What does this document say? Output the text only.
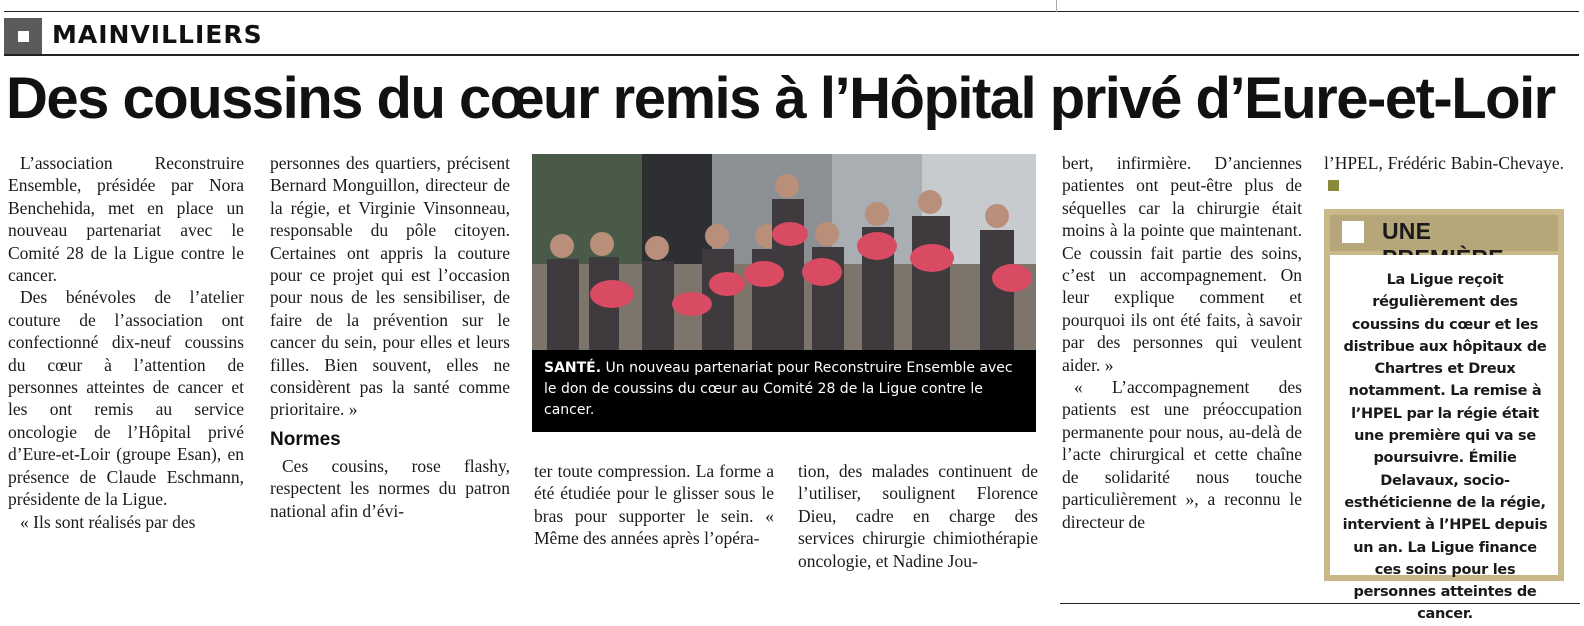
MAINVILLIERS
Des coussins du cœur remis à l’Hôpital privé d’Eure-et-Loir

L’association Reconstruire Ensemble, présidée par Nora Benchehida, met en place un nouveau partenariat avec le Comité 28 de la Ligue contre le cancer.

Des bénévoles de l’atelier couture de l’association ont confectionné dix-neuf coussins du cœur à l’attention de personnes atteintes de cancer et les ont remis au service oncologie de l’Hôpital privé d’Eure-et-Loir (groupe Esan), en présence de Claude Eschmann, présidente de la Ligue.

« Ils sont réalisés par des

personnes des quartiers, précisent Bernard Monguillon, directeur de la régie, et Virginie Vinsonneau, responsable du pôle citoyen. Certaines ont appris la couture pour ce projet qui est l’occasion pour nous de les sensibiliser, de faire de la prévention sur le cancer du sein, pour elles et leurs filles. Bien souvent, elles ne considèrent pas la santé comme prioritaire. »

Normes

Ces cousins, rose flashy, respectent les normes du patron national afin d’évi-

SANTÉ. Un nouveau partenariat pour Reconstruire Ensemble avec le don de coussins du cœur au Comité 28 de la Ligue contre le cancer.

ter toute compression. La forme a été étudiée pour le glisser sous le bras pour supporter le sein. « Même des années après l’opéra-

tion, des malades continuent de l’utiliser, soulignent Florence Dieu, cadre en charge des services chirurgie chimiothérapie oncologie, et Nadine Jou-

bert, infirmière. D’anciennes patientes ont peut-être plus de séquelles car la chirurgie était moins à la pointe que maintenant. Ce coussin fait partie des soins, c’est un accompagnement. On leur explique comment et pourquoi ils ont été faits, à savoir par des personnes qui veulent aider. »

« L’accompagnement des patients est une préoccupation permanente pour nous, au-delà de l’acte chirurgical et cette chaîne de solidarité nous touche particulièrement », a reconnu le directeur de

l’HPEL, Frédéric Babin-Chevaye.

UNE
La Ligue reçoit régulièrement des coussins du cœur et les distribue aux hôpitaux de Chartres et Dreux notamment. La remise à l’HPEL par la régie était une première qui va se poursuivre. Émilie Delavaux, socio-esthéticienne de la régie, intervient à l’HPEL depuis un an. La Ligue finance ces soins pour les personnes atteintes de cancer.
